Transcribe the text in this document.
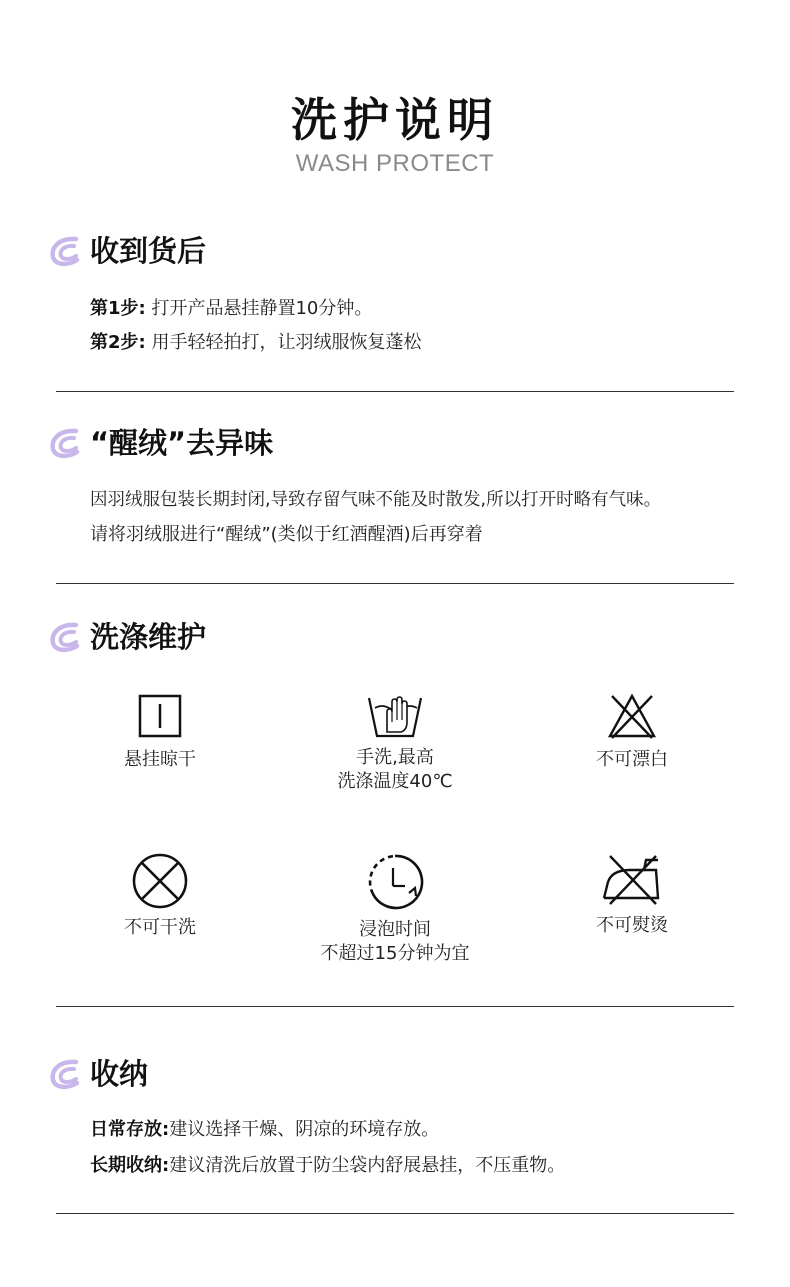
洗护说明
WASH PROTECT
收到货后
第1步: 打开产品悬挂静置10分钟。
第2步: 用手轻轻拍打，让羽绒服恢复蓬松
“醒绒”去异味
因羽绒服包装长期封闭,导致存留气味不能及时散发,所以打开时略有气味。
请将羽绒服进行“醒绒”(类似于红酒醒酒)后再穿着
洗涤维护
悬挂晾干	手洗,最高
洗涤温度40℃
不可漂白
不可干洗	浸泡时间
不超过15分钟为宜
不可熨烫
收纳
日常存放:建议选择干燥、阴凉的环境存放。
长期收纳:建议清洗后放置于防尘袋内舒展悬挂，不压重物。
